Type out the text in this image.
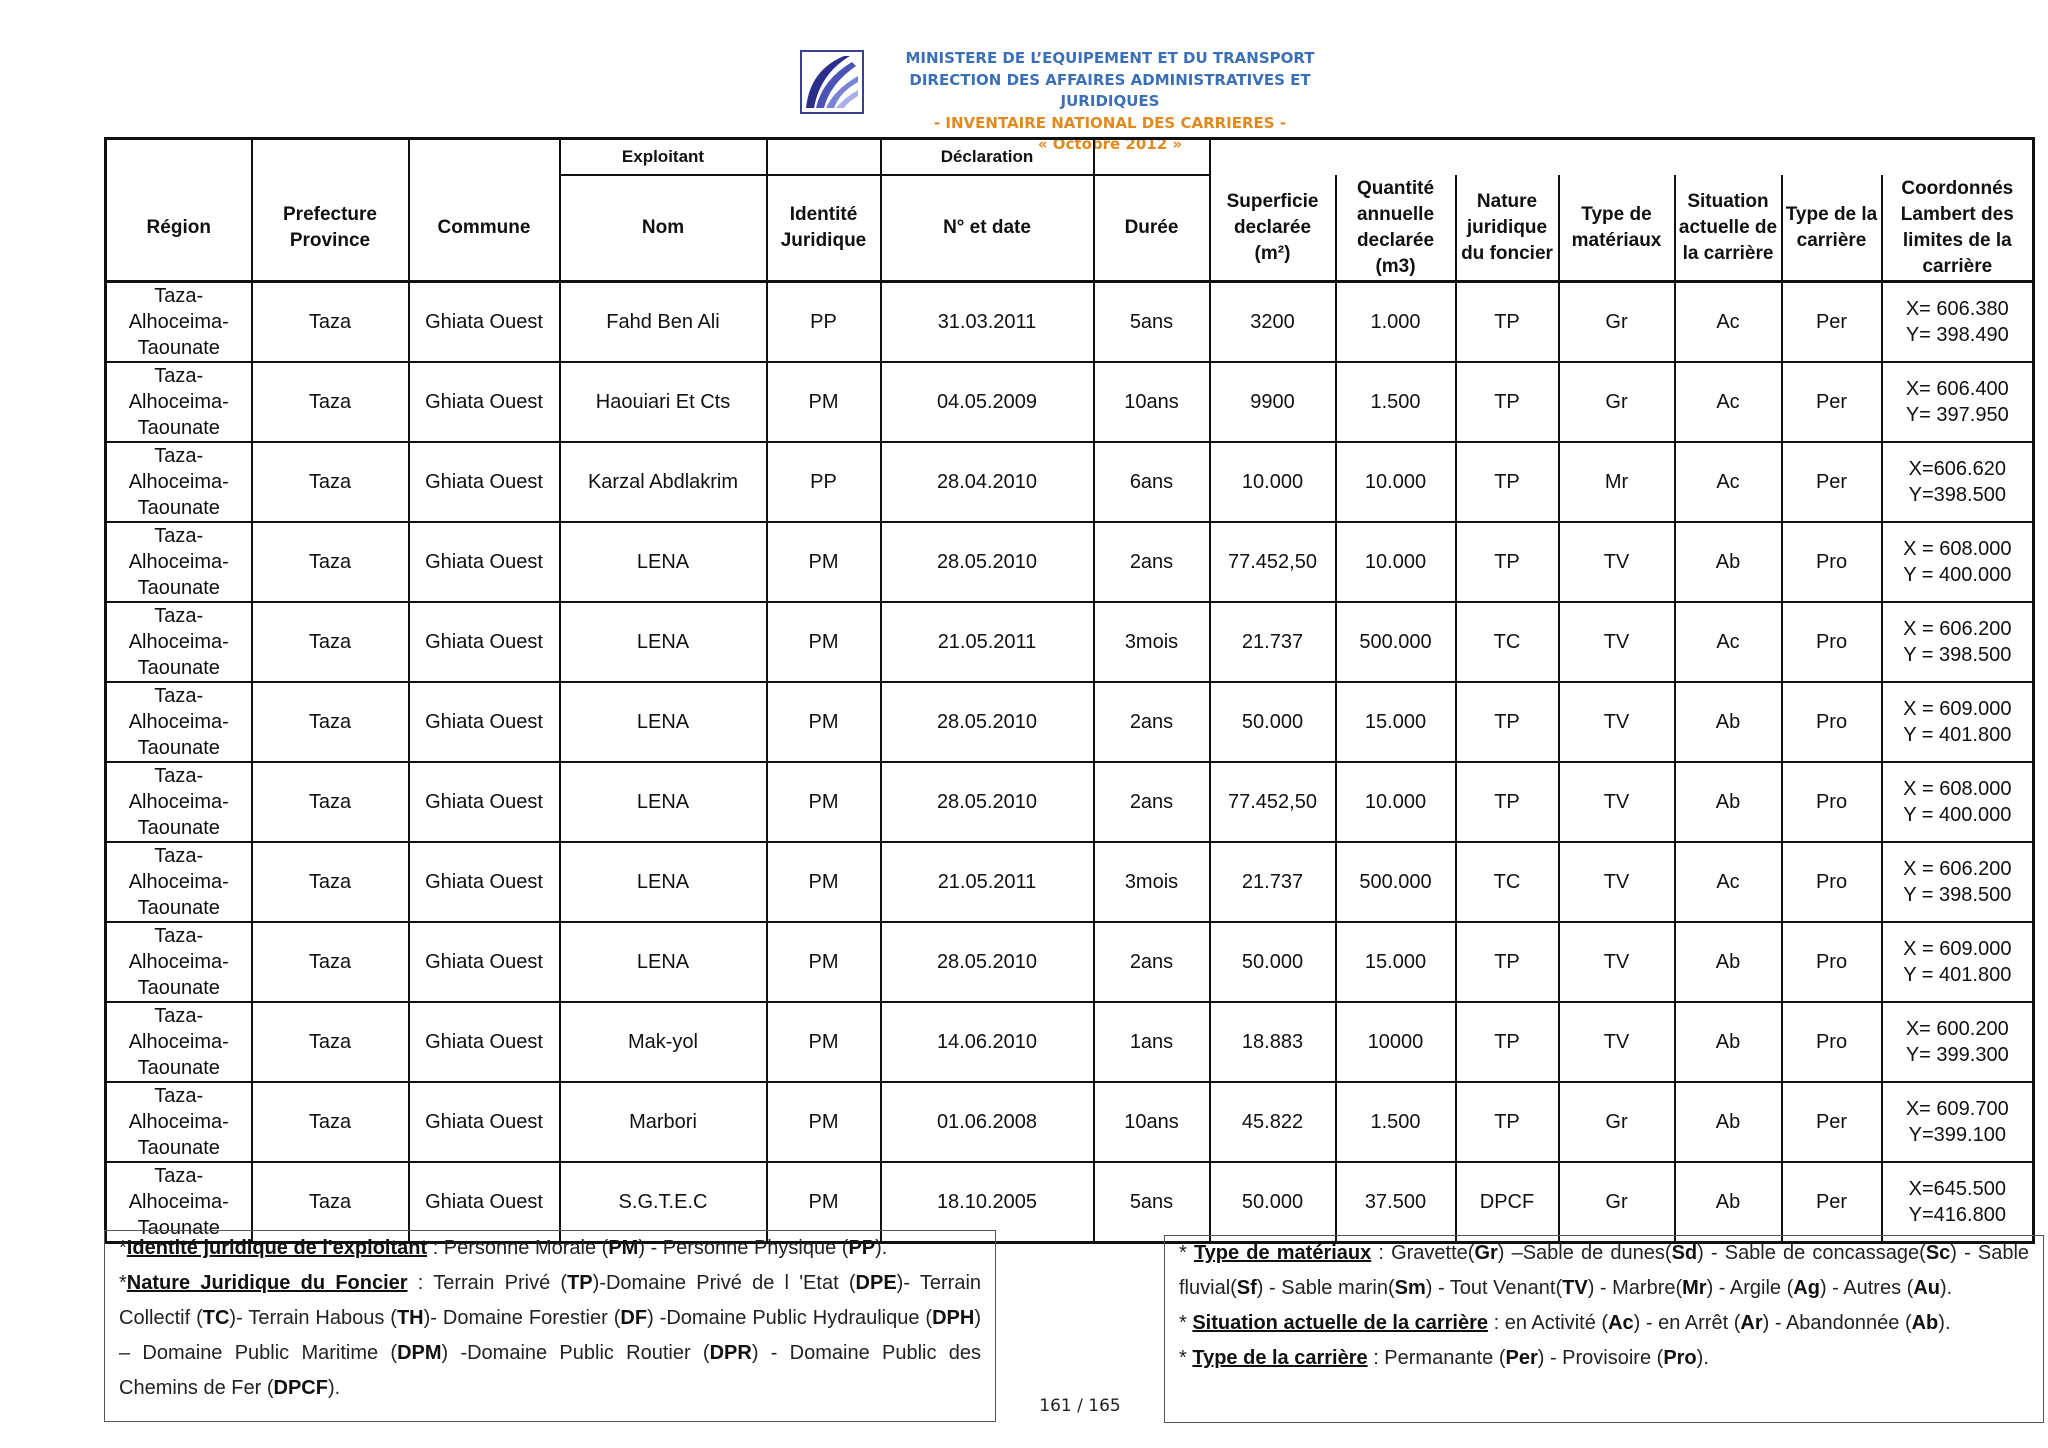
MINISTERE DE L’EQUIPEMENT ET DU TRANSPORT
DIRECTION DES AFFAIRES ADMINISTRATIVES ET JURIDIQUES
- INVENTAIRE NATIONAL DES CARRIERES -
« Octobre 2012 »
			Exploitant		Déclaration								
Région	Prefecture Province	Commune	Nom	Identité Juridique	N° et date	Durée	Superficie declarée (m²)	Quantité annuelle declarée (m3)	Nature juridique du foncier	Type de matériaux	Situation actuelle de la carrière	Type de la carrière	Coordonnés Lambert des limites de la carrière
Taza-Alhoceima-Taounate	Taza	Ghiata Ouest	Fahd Ben Ali	PP	31.03.2011	5ans	3200	1.000	TP	Gr	Ac	Per	X= 606.380
Y= 398.490

Taza-Alhoceima-Taounate	Taza	Ghiata Ouest	Haouiari Et Cts	PM	04.05.2009	10ans	9900	1.500	TP	Gr	Ac	Per	X= 606.400
Y= 397.950

Taza-Alhoceima-Taounate	Taza	Ghiata Ouest	Karzal Abdlakrim	PP	28.04.2010	6ans	10.000	10.000	TP	Mr	Ac	Per	X=606.620
Y=398.500

Taza-Alhoceima-Taounate	Taza	Ghiata Ouest	LENA	PM	28.05.2010	2ans	77.452,50	10.000	TP	TV	Ab	Pro	X = 608.000
Y = 400.000

Taza-Alhoceima-Taounate	Taza	Ghiata Ouest	LENA	PM	21.05.2011	3mois	21.737	500.000	TC	TV	Ac	Pro	X = 606.200
Y = 398.500

Taza-Alhoceima-Taounate	Taza	Ghiata Ouest	LENA	PM	28.05.2010	2ans	50.000	15.000	TP	TV	Ab	Pro	X = 609.000
Y = 401.800

Taza-Alhoceima-Taounate	Taza	Ghiata Ouest	LENA	PM	28.05.2010	2ans	77.452,50	10.000	TP	TV	Ab	Pro	X = 608.000
Y = 400.000

Taza-Alhoceima-Taounate	Taza	Ghiata Ouest	LENA	PM	21.05.2011	3mois	21.737	500.000	TC	TV	Ac	Pro	X = 606.200
Y = 398.500

Taza-Alhoceima-Taounate	Taza	Ghiata Ouest	LENA	PM	28.05.2010	2ans	50.000	15.000	TP	TV	Ab	Pro	X = 609.000
Y = 401.800

Taza-Alhoceima-Taounate	Taza	Ghiata Ouest	Mak-yol	PM	14.06.2010	1ans	18.883	10000	TP	TV	Ab	Pro	X= 600.200
Y= 399.300

Taza-Alhoceima-Taounate	Taza	Ghiata Ouest	Marbori	PM	01.06.2008	10ans	45.822	1.500	TP	Gr	Ab	Per	X= 609.700
Y=399.100

Taza-Alhoceima-Taounate	Taza	Ghiata Ouest	S.G.T.E.C	PM	18.10.2005	5ans	50.000	37.500	DPCF	Gr	Ab	Per	X=645.500
Y=416.800

*Identité juridique de l'exploitant : Personne Morale (PM) - Personne Physique (PP).

*Nature Juridique du Foncier : Terrain Privé (TP)-Domaine Privé de l 'Etat (DPE)- Terrain Collectif (TC)- Terrain Habous (TH)- Domaine Forestier (DF) -Domaine Public Hydraulique (DPH) – Domaine Public Maritime (DPM) -Domaine Public Routier (DPR) - Domaine Public des Chemins de Fer (DPCF).

* Type de matériaux : Gravette(Gr) –Sable de dunes(Sd) - Sable de concassage(Sc) - Sable fluvial(Sf) - Sable marin(Sm) - Tout Venant(TV) - Marbre(Mr) - Argile (Ag) - Autres (Au).

* Situation actuelle de la carrière : en Activité (Ac) - en Arrêt (Ar) - Abandonnée (Ab).

* Type de la carrière : Permanante (Per) - Provisoire (Pro).

161 / 165
